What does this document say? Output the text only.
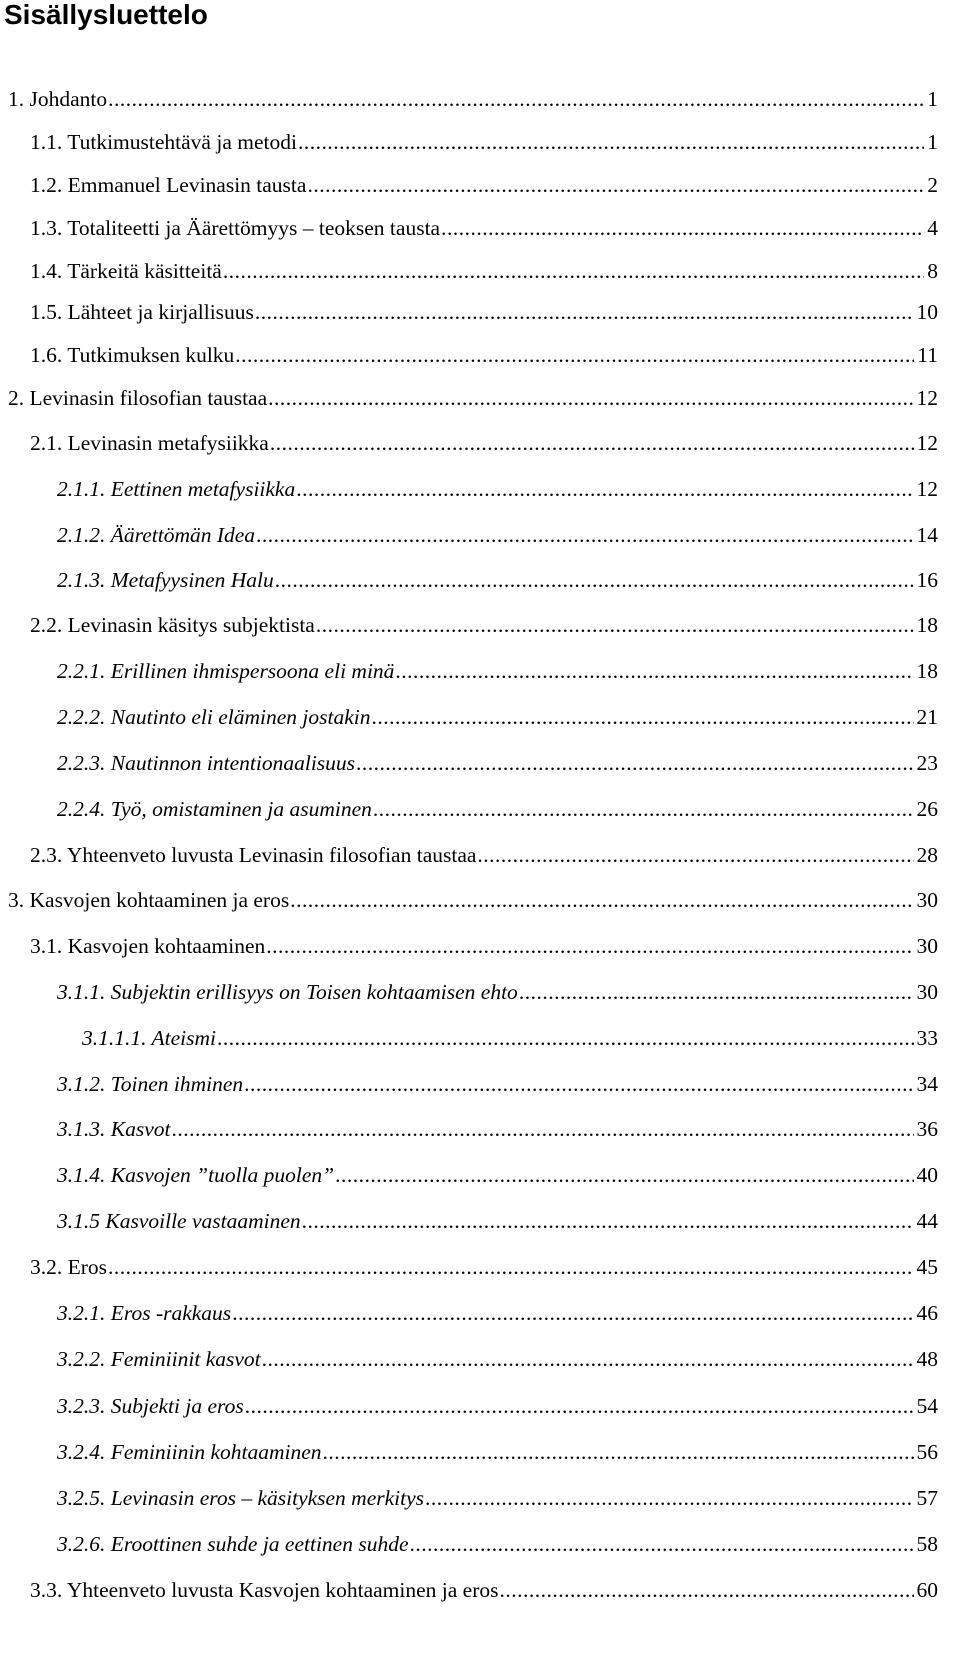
Sisällysluettelo
1. Johdanto .....	1
1.1. Tutkimustehtävä ja metodi .....	1
1.2. Emmanuel Levinasin tausta .....	2
1.3. Totaliteetti ja Äärettömyys – teoksen tausta .....	4
1.4. Tärkeitä käsitteitä .....	8
1.5. Lähteet ja kirjallisuus .....	10
1.6. Tutkimuksen kulku .....	11
2. Levinasin filosofian taustaa .....	12
2.1. Levinasin metafysiikka .....	12
2.1.1. Eettinen metafysiikka .....	12
2.1.2. Äärettömän Idea .....	14
2.1.3. Metafyysinen Halu .....	16
2.2. Levinasin käsitys subjektista .....	18
2.2.1. Erillinen ihmispersoona eli minä .....	18
2.2.2. Nautinto eli eläminen jostakin .....	21
2.2.3. Nautinnon intentionaalisuus .....	23
2.2.4. Työ, omistaminen ja asuminen .....	26
2.3. Yhteenveto luvusta Levinasin filosofian taustaa .....	28
3. Kasvojen kohtaaminen ja eros .....	30
3.1. Kasvojen kohtaaminen .....	30
3.1.1. Subjektin erillisyys on Toisen kohtaamisen ehto .....	30
3.1.1.1. Ateismi .....	33
3.1.2. Toinen ihminen .....	34
3.1.3. Kasvot .....	36
3.1.4. Kasvojen ”tuolla puolen” .....	40
3.1.5 Kasvoille vastaaminen .....	44
3.2. Eros .....	45
3.2.1. Eros -rakkaus .....	46
3.2.2. Feminiinit kasvot .....	48
3.2.3. Subjekti ja eros .....	54
3.2.4. Feminiinin kohtaaminen .....	56
3.2.5. Levinasin eros – käsityksen merkitys .....	57
3.2.6. Eroottinen suhde ja eettinen suhde .....	58
3.3. Yhteenveto luvusta Kasvojen kohtaaminen ja eros .....	60
